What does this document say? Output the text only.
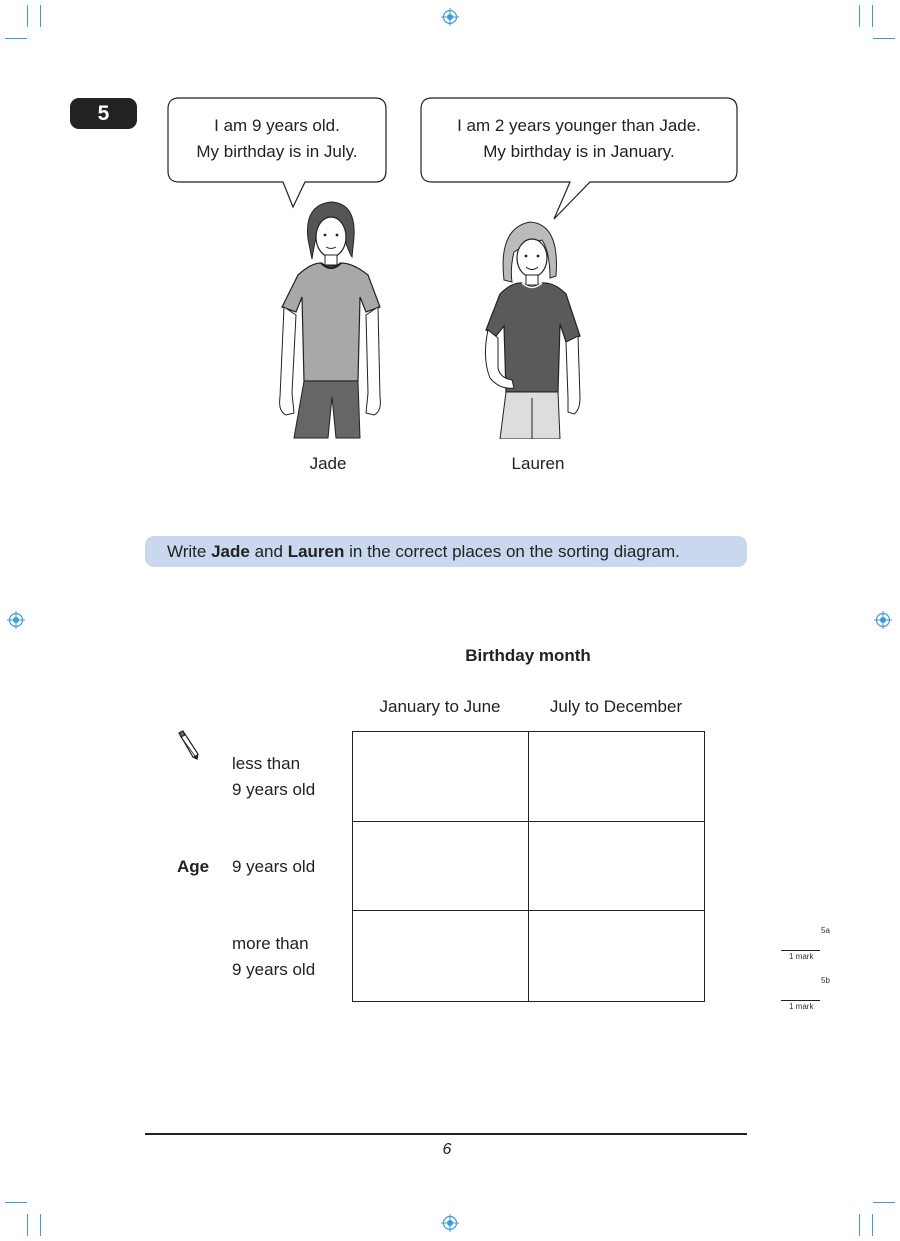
5
I am 9 years old.
My birthday is in July.
I am 2 years younger than Jade.
My birthday is in January.
Jade	Lauren
Write Jade and Lauren in the correct places on the sorting diagram.
Birthday month
January to June	July to December
less than
9 years old
Age 9 years old
more than
9 years old
5a
1 mark
5b
1 mark
6
